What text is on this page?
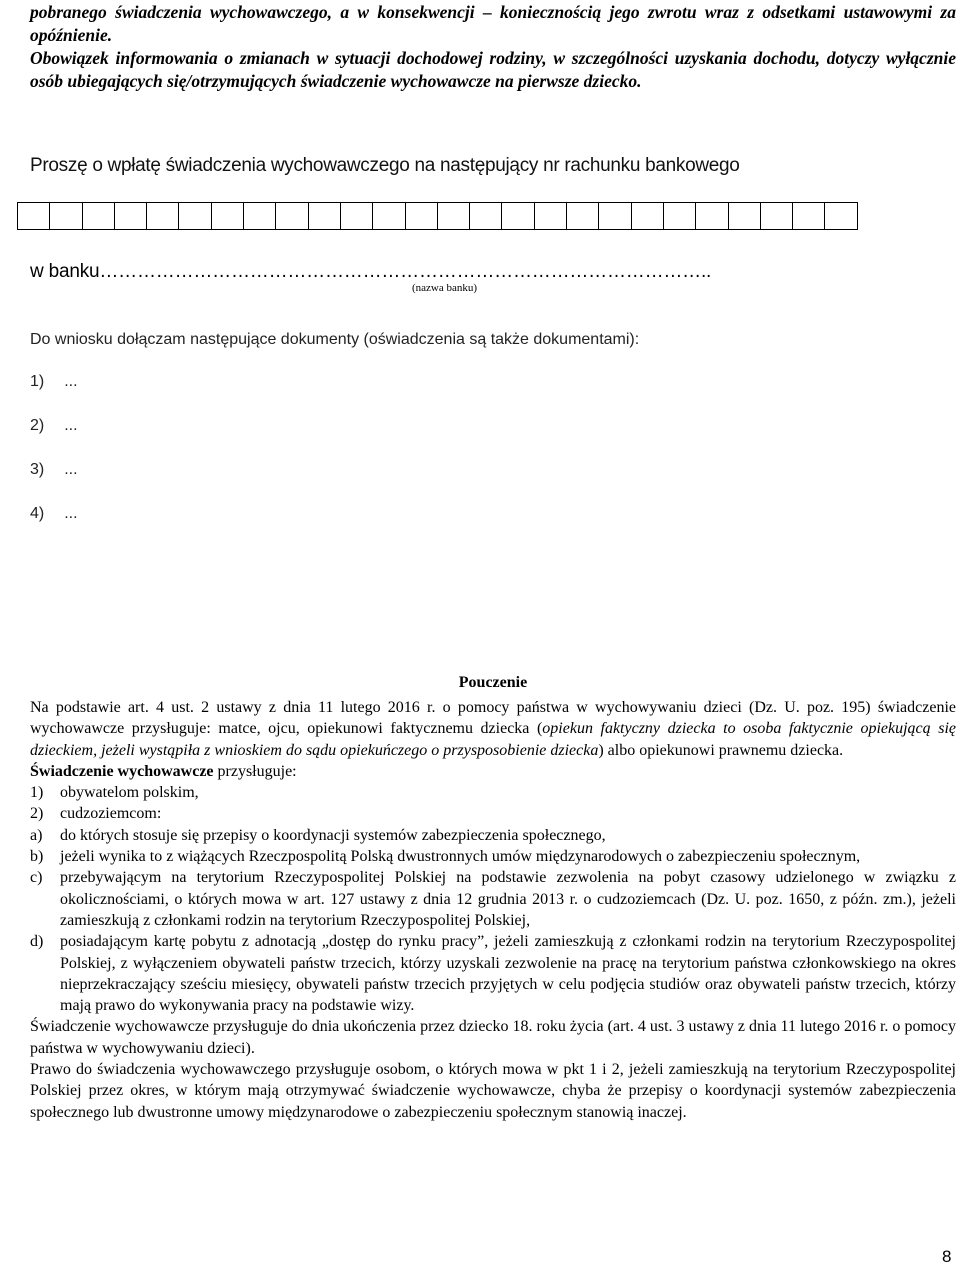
pobranego świadczenia wychowawczego, a w konsekwencji – koniecznością jego zwrotu wraz z odsetkami ustawowymi za opóźnienie.
Obowiązek informowania o zmianach w sytuacji dochodowej rodziny, w szczególności uzyskania dochodu, dotyczy wyłącznie osób ubiegających się/otrzymujących świadczenie wychowawcze na pierwsze dziecko.
Proszę o wpłatę świadczenia wychowawczego na następujący nr rachunku bankowego
w banku……………………………………………………………………………………..
(nazwa banku)
Do wniosku dołączam następujące dokumenty (oświadczenia są także dokumentami):
1) ...
2) ...
3) ...
4) ...
Pouczenie

Na podstawie art. 4 ust. 2 ustawy z dnia 11 lutego 2016 r. o pomocy państwa w wychowywaniu dzieci (Dz. U. poz. 195) świadczenie wychowawcze przysługuje: matce, ojcu, opiekunowi faktycznemu dziecka (opiekun faktyczny dziecka to osoba faktycznie opiekującą się dzieckiem, jeżeli wystąpiła z wnioskiem do sądu opiekuńczego o przysposobienie dziecka) albo opiekunowi prawnemu dziecka.

Świadczenie wychowawcze przysługuje:

1) obywatelom polskim,

2) cudzoziemcom:

a) do których stosuje się przepisy o koordynacji systemów zabezpieczenia społecznego,

b) jeżeli wynika to z wiążących Rzeczpospolitą Polską dwustronnych umów międzynarodowych o zabezpieczeniu społecznym,

c) przebywającym na terytorium Rzeczypospolitej Polskiej na podstawie zezwolenia na pobyt czasowy udzielonego w związku z okolicznościami, o których mowa w art. 127 ustawy z dnia 12 grudnia 2013 r. o cudzoziemcach (Dz. U. poz. 1650, z późn. zm.), jeżeli zamieszkują z członkami rodzin na terytorium Rzeczypospolitej Polskiej,

d) posiadającym kartę pobytu z adnotacją „dostęp do rynku pracy”, jeżeli zamieszkują z członkami rodzin na terytorium Rzeczypospolitej Polskiej, z wyłączeniem obywateli państw trzecich, którzy uzyskali zezwolenie na pracę na terytorium państwa członkowskiego na okres nieprzekraczający sześciu miesięcy, obywateli państw trzecich przyjętych w celu podjęcia studiów oraz obywateli państw trzecich, którzy mają prawo do wykonywania pracy na podstawie wizy.

Świadczenie wychowawcze przysługuje do dnia ukończenia przez dziecko 18. roku życia (art. 4 ust. 3 ustawy z dnia 11 lutego 2016 r. o pomocy państwa w wychowywaniu dzieci).

Prawo do świadczenia wychowawczego przysługuje osobom, o których mowa w pkt 1 i 2, jeżeli zamieszkują na terytorium Rzeczypospolitej Polskiej przez okres, w którym mają otrzymywać świadczenie wychowawcze, chyba że przepisy o koordynacji systemów zabezpieczenia społecznego lub dwustronne umowy międzynarodowe o zabezpieczeniu społecznym stanowią inaczej.

8
